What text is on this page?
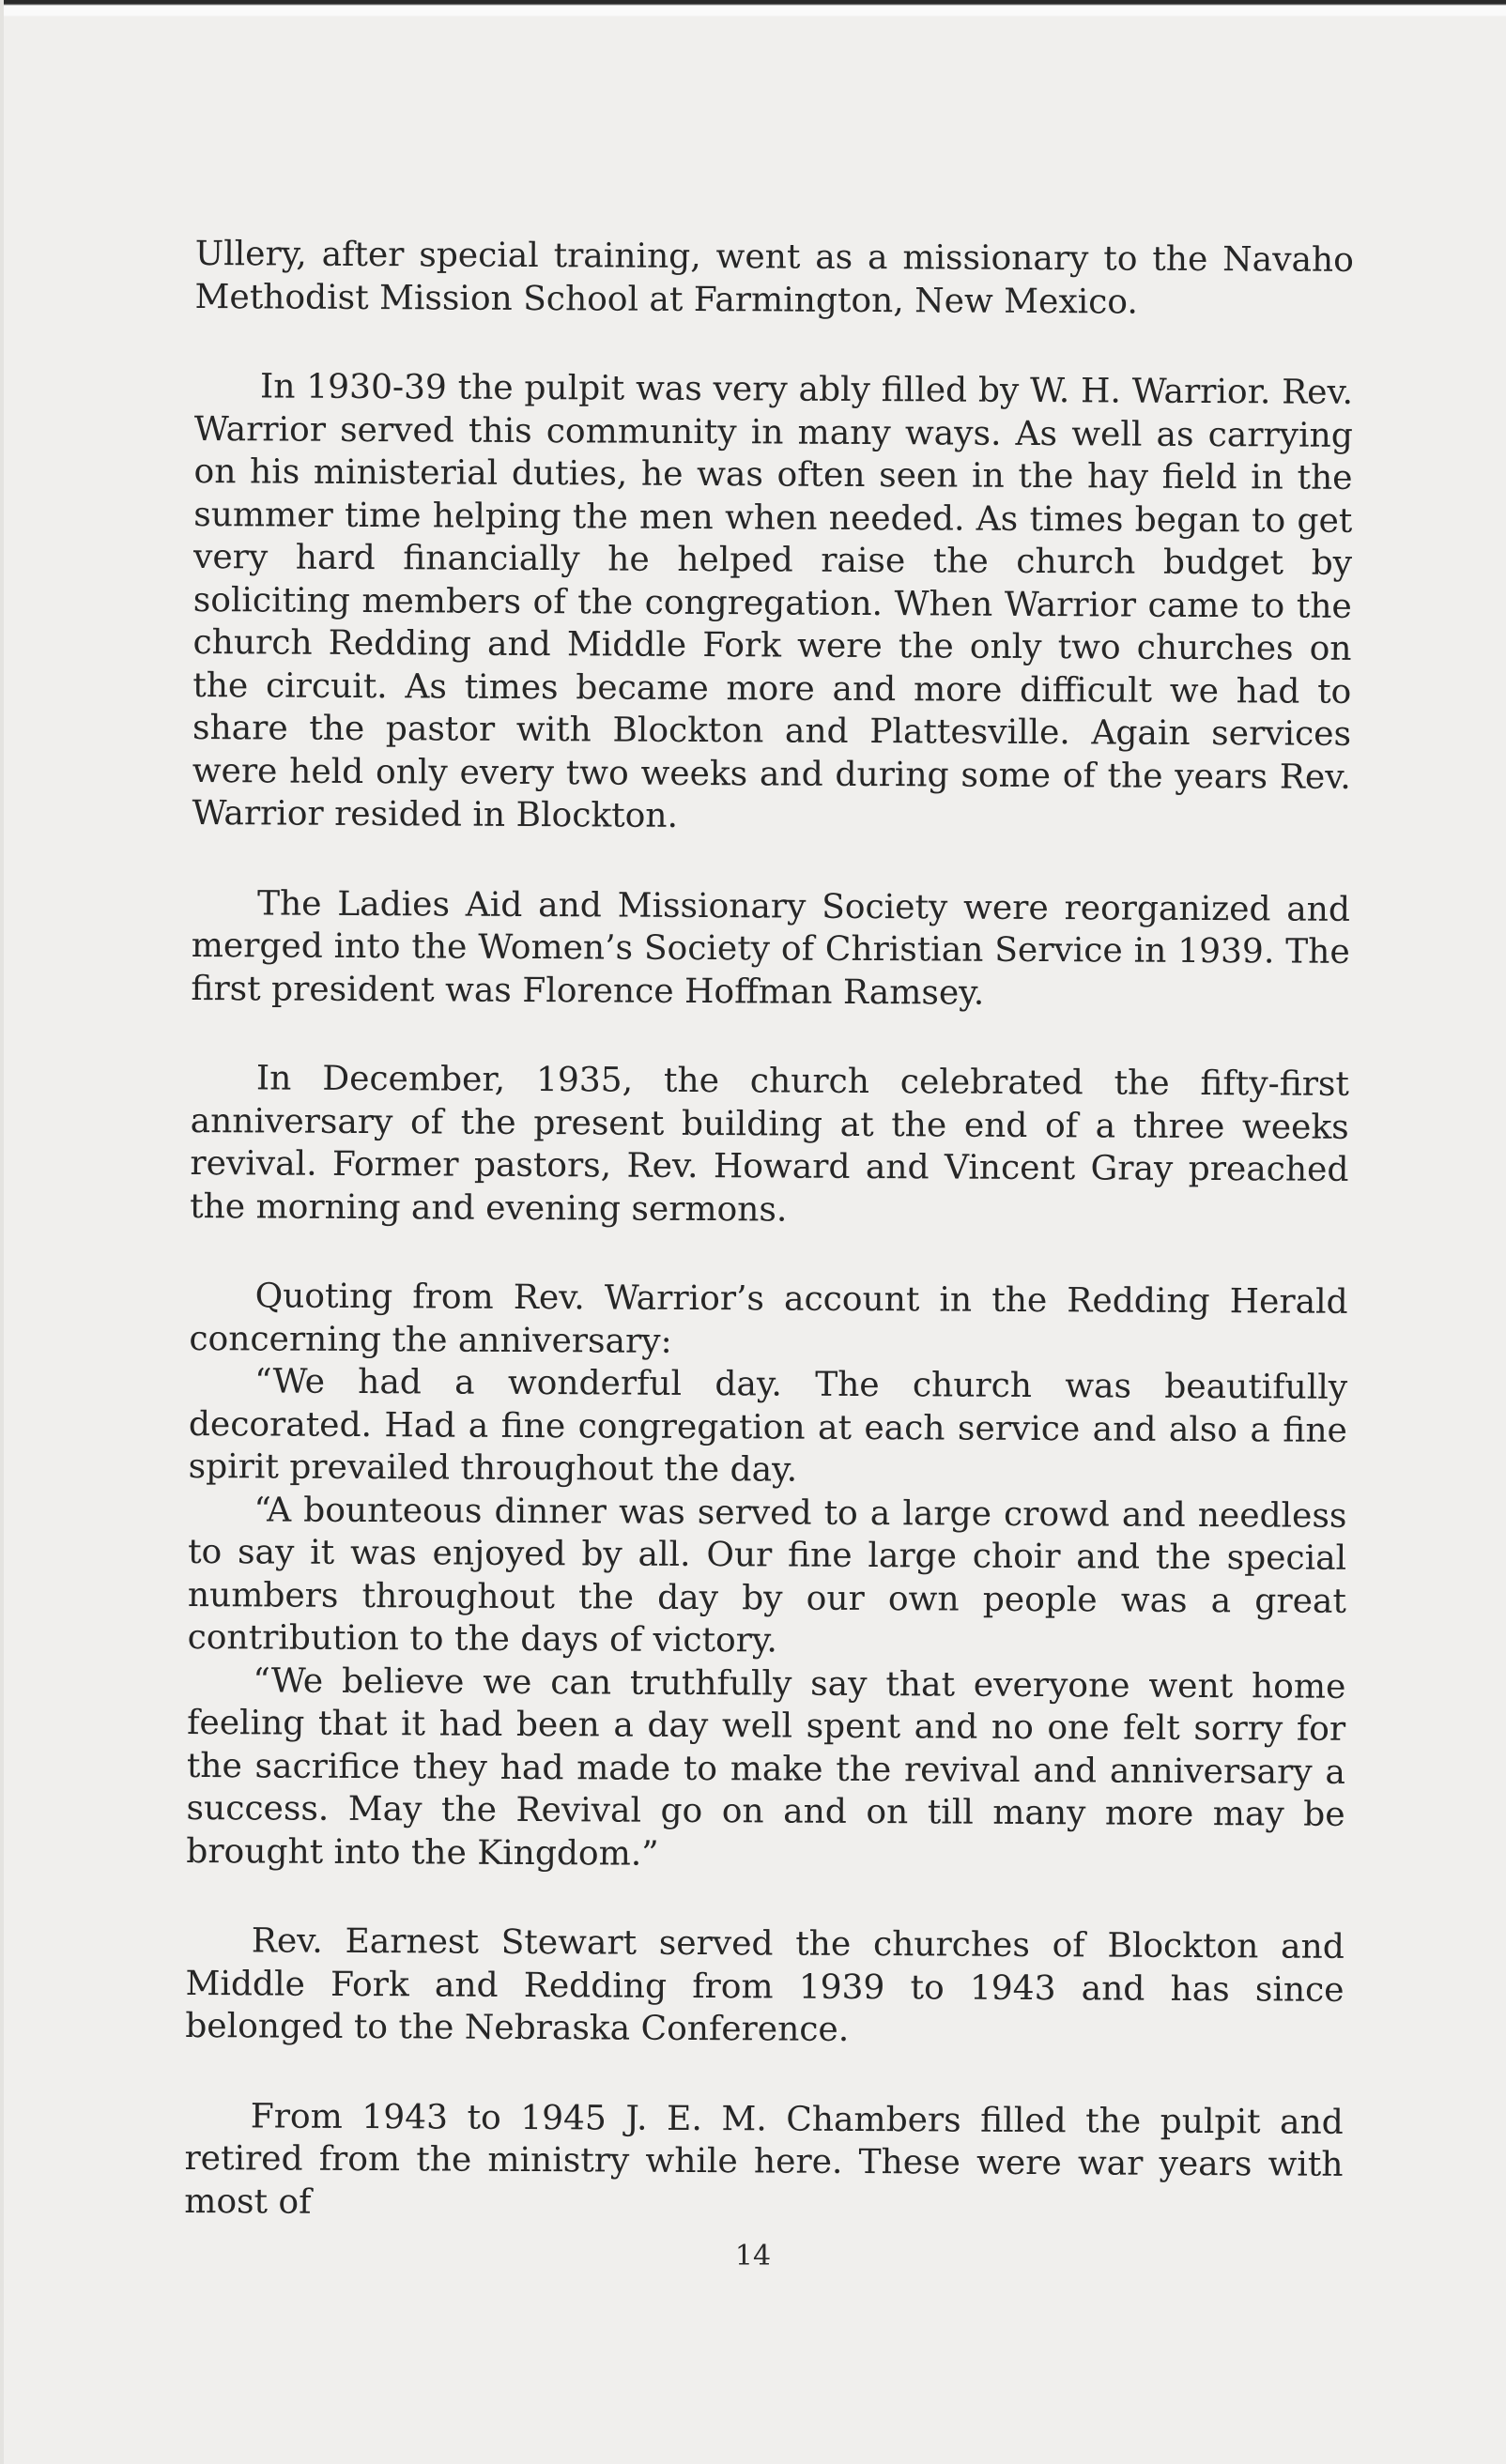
Ullery, after special training, went as a missionary to the Navaho Methodist Mission School at Farmington, New Mexico.

In 1930-39 the pulpit was very ably filled by W. H. Warrior. Rev. Warrior served this community in many ways. As well as carrying on his ministerial duties, he was often seen in the hay field in the summer time helping the men when needed. As times began to get very hard financially he helped raise the church budget by soliciting members of the congregation. When Warrior came to the church Redding and Middle Fork were the only two churches on the circuit. As times became more and more difficult we had to share the pastor with Blockton and Plattesville. Again services were held only every two weeks and during some of the years Rev. Warrior resided in Blockton.

The Ladies Aid and Missionary Society were reorganized and merged into the Women’s Society of Christian Service in 1939. The first president was Florence Hoffman Ramsey.

In December, 1935, the church celebrated the fifty-first anniversary of the present building at the end of a three weeks revival. Former pastors, Rev. Howard and Vincent Gray preached the morning and evening sermons.

Quoting from Rev. Warrior’s account in the Redding Herald concerning the anniversary:

“We had a wonderful day. The church was beautifully decorated. Had a fine congregation at each service and also a fine spirit prevailed throughout the day.

“A bounteous dinner was served to a large crowd and needless to say it was enjoyed by all. Our fine large choir and the special numbers throughout the day by our own people was a great contribution to the days of victory.

“We believe we can truthfully say that everyone went home feeling that it had been a day well spent and no one felt sorry for the sacrifice they had made to make the revival and anniversary a success. May the Revival go on and on till many more may be brought into the Kingdom.”

Rev. Earnest Stewart served the churches of Blockton and Middle Fork and Redding from 1939 to 1943 and has since belonged to the Nebraska Conference.

From 1943 to 1945 J. E. M. Chambers filled the pulpit and retired from the ministry while here. These were war years with most of

14
